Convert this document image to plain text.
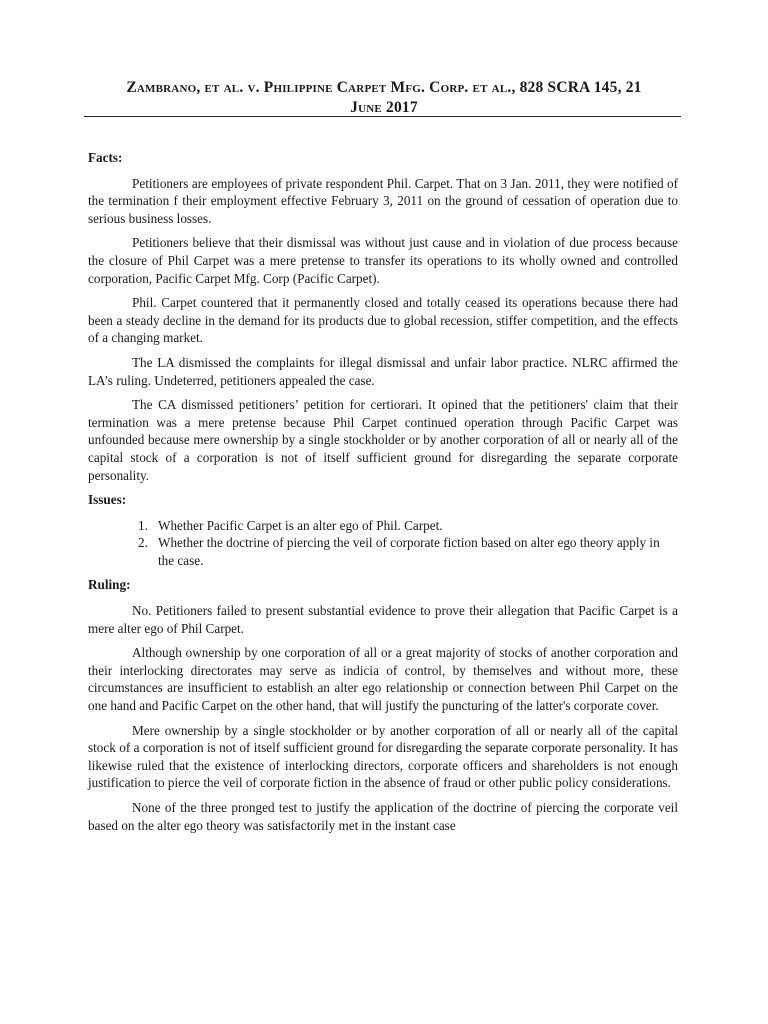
Zambrano, et al. v. Philippine Carpet Mfg. Corp. et al., 828 SCRA 145, 21
June 2017
Facts:

Petitioners are employees of private respondent Phil. Carpet. That on 3 Jan. 2011, they were notified of the termination f their employment effective February 3, 2011 on the ground of cessation of operation due to serious business losses.

Petitioners believe that their dismissal was without just cause and in violation of due process because the closure of Phil Carpet was a mere pretense to transfer its operations to its wholly owned and controlled corporation, Pacific Carpet Mfg. Corp (Pacific Carpet).

Phil. Carpet countered that it permanently closed and totally ceased its operations because there had been a steady decline in the demand for its products due to global recession, stiffer competition, and the effects of a changing market.

The LA dismissed the complaints for illegal dismissal and unfair labor practice. NLRC affirmed the LA’s ruling. Undeterred, petitioners appealed the case.

The CA dismissed petitioners’ petition for certiorari. It opined that the petitioners' claim that their termination was a mere pretense because Phil Carpet continued operation through Pacific Carpet was unfounded because mere ownership by a single stockholder or by another corporation of all or nearly all of the capital stock of a corporation is not of itself sufficient ground for disregarding the separate corporate personality.

Issues:
1. Whether Pacific Carpet is an alter ego of Phil. Carpet.
2. Whether the doctrine of piercing the veil of corporate fiction based on alter ego theory apply in the case.
Ruling:

No. Petitioners failed to present substantial evidence to prove their allegation that Pacific Carpet is a mere alter ego of Phil Carpet.

Although ownership by one corporation of all or a great majority of stocks of another corporation and their interlocking directorates may serve as indicia of control, by themselves and without more, these circumstances are insufficient to establish an alter ego relationship or connection between Phil Carpet on the one hand and Pacific Carpet on the other hand, that will justify the puncturing of the latter's corporate cover.

Mere ownership by a single stockholder or by another corporation of all or nearly all of the capital stock of a corporation is not of itself sufficient ground for disregarding the separate corporate personality. It has likewise ruled that the existence of interlocking directors, corporate officers and shareholders is not enough justification to pierce the veil of corporate fiction in the absence of fraud or other public policy considerations.

None of the three pronged test to justify the application of the doctrine of piercing the corporate veil based on the alter ego theory was satisfactorily met in the instant case
